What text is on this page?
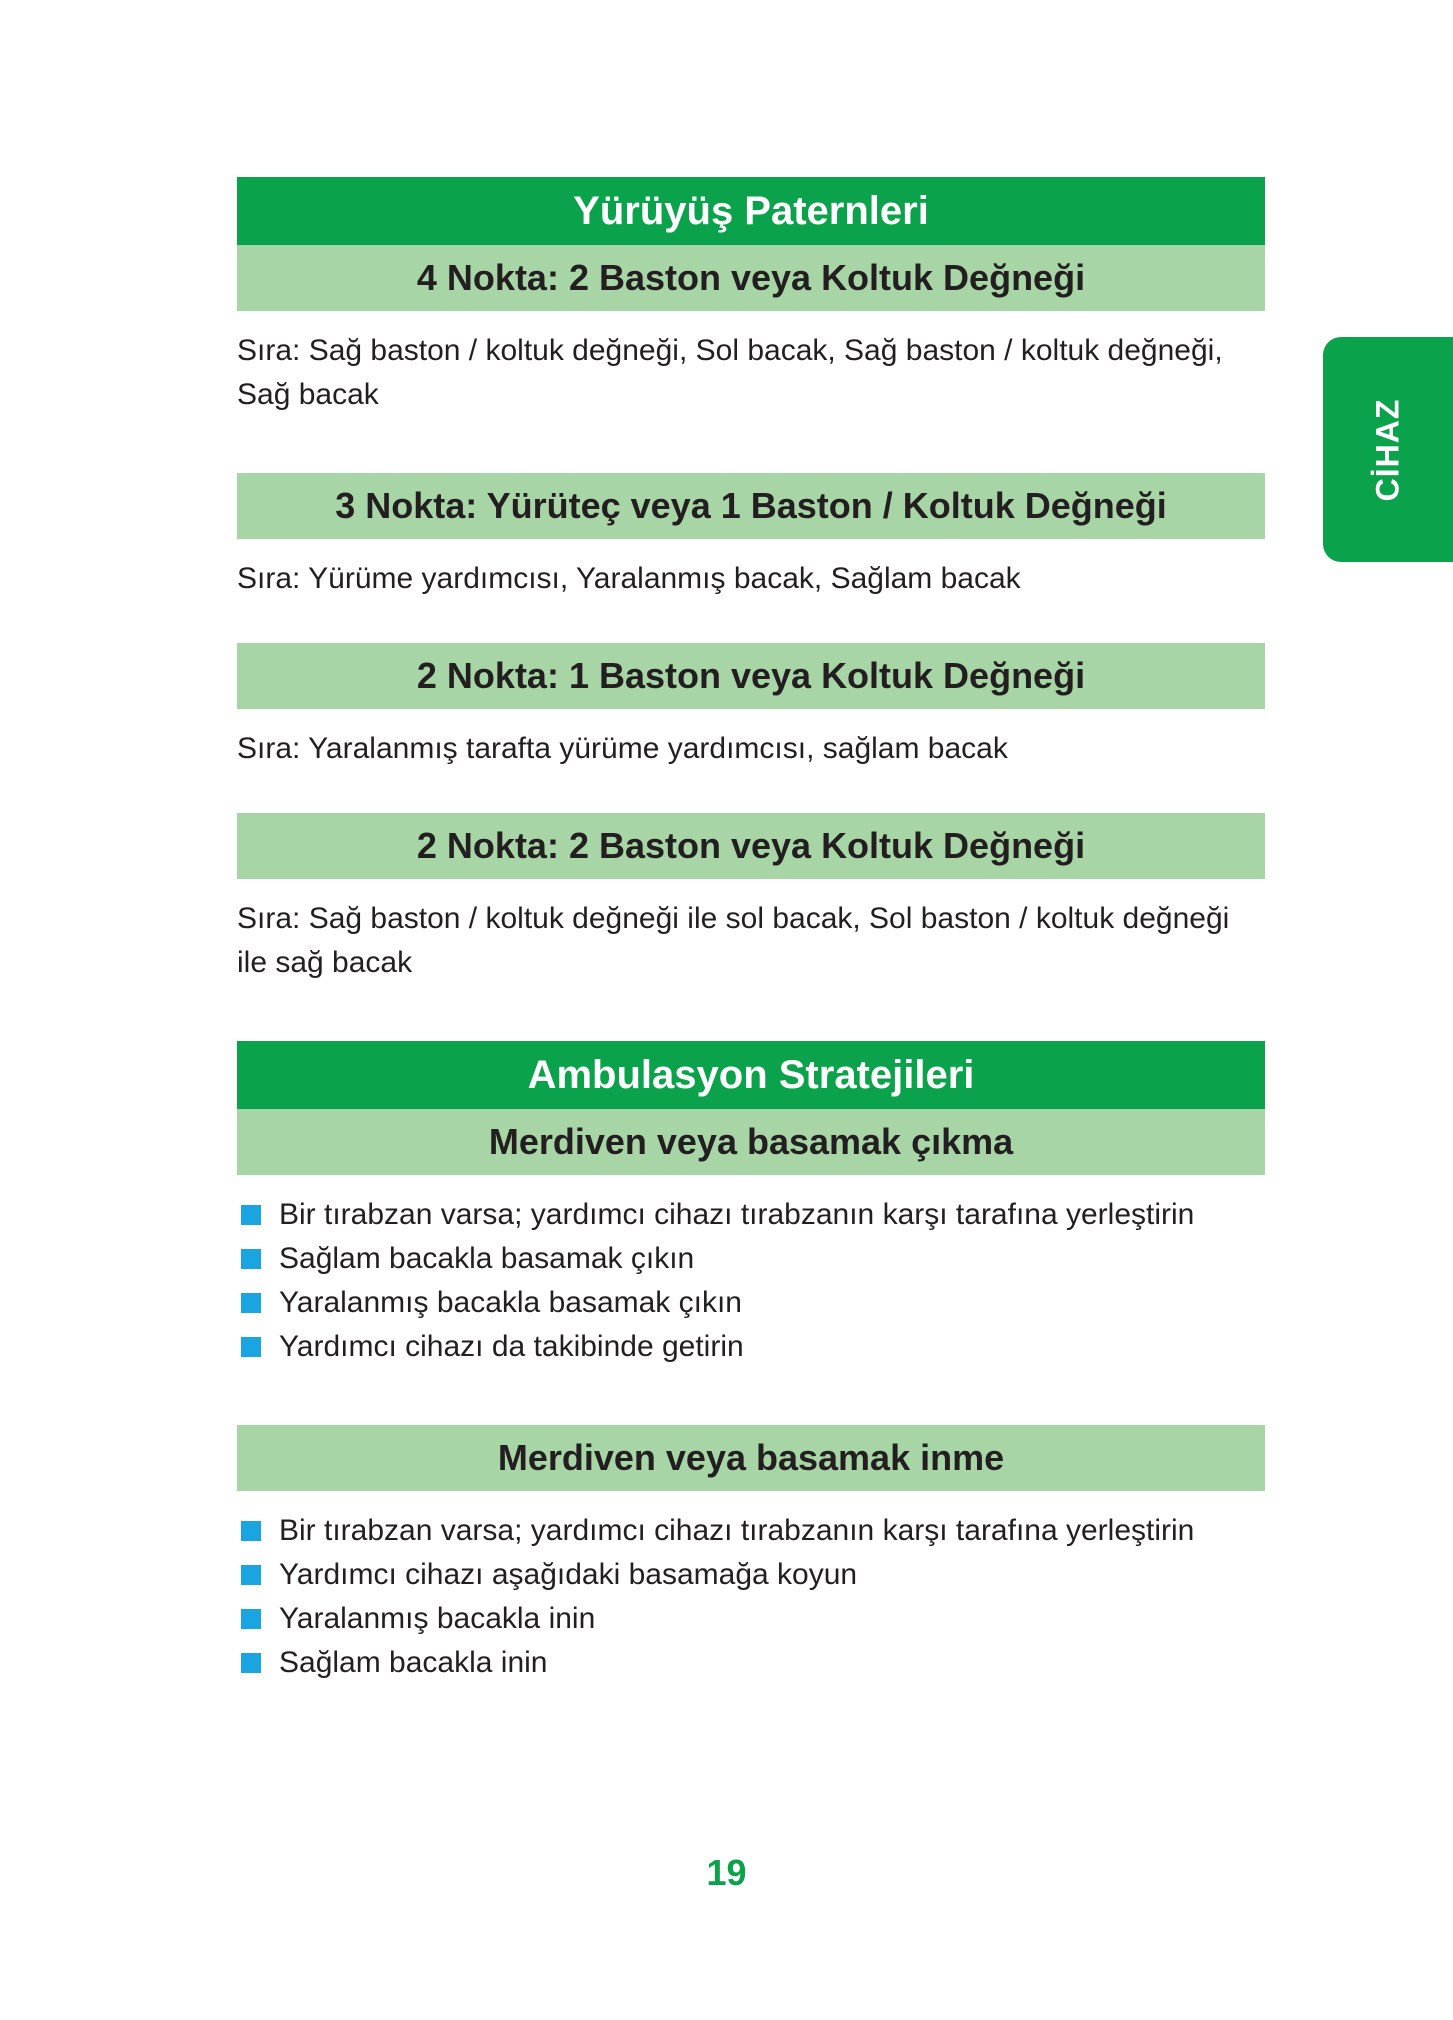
Yürüyüş Paternleri
4 Nokta: 2 Baston veya Koltuk Değneği

Sıra: Sağ baston / koltuk değneği, Sol bacak, Sağ baston / koltuk değneği, Sağ bacak

3 Nokta: Yürüteç veya 1 Baston / Koltuk Değneği

Sıra: Yürüme yardımcısı, Yaralanmış bacak, Sağlam bacak

2 Nokta: 1 Baston veya Koltuk Değneği

Sıra: Yaralanmış tarafta yürüme yardımcısı, sağlam bacak

2 Nokta: 2 Baston veya Koltuk Değneği

Sıra: Sağ baston / koltuk değneği ile sol bacak, Sol baston / koltuk değneği ile sağ bacak

Ambulasyon Stratejileri
Merdiven veya basamak çıkma
Bir tırabzan varsa; yardımcı cihazı tırabzanın karşı tarafına yerleştirin
Sağlam bacakla basamak çıkın
Yaralanmış bacakla basamak çıkın
Yardımcı cihazı da takibinde getirin
Merdiven veya basamak inme
Bir tırabzan varsa; yardımcı cihazı tırabzanın karşı tarafına yerleştirin
Yardımcı cihazı aşağıdaki basamağa koyun
Yaralanmış bacakla inin
Sağlam bacakla inin
CİHAZ
19
